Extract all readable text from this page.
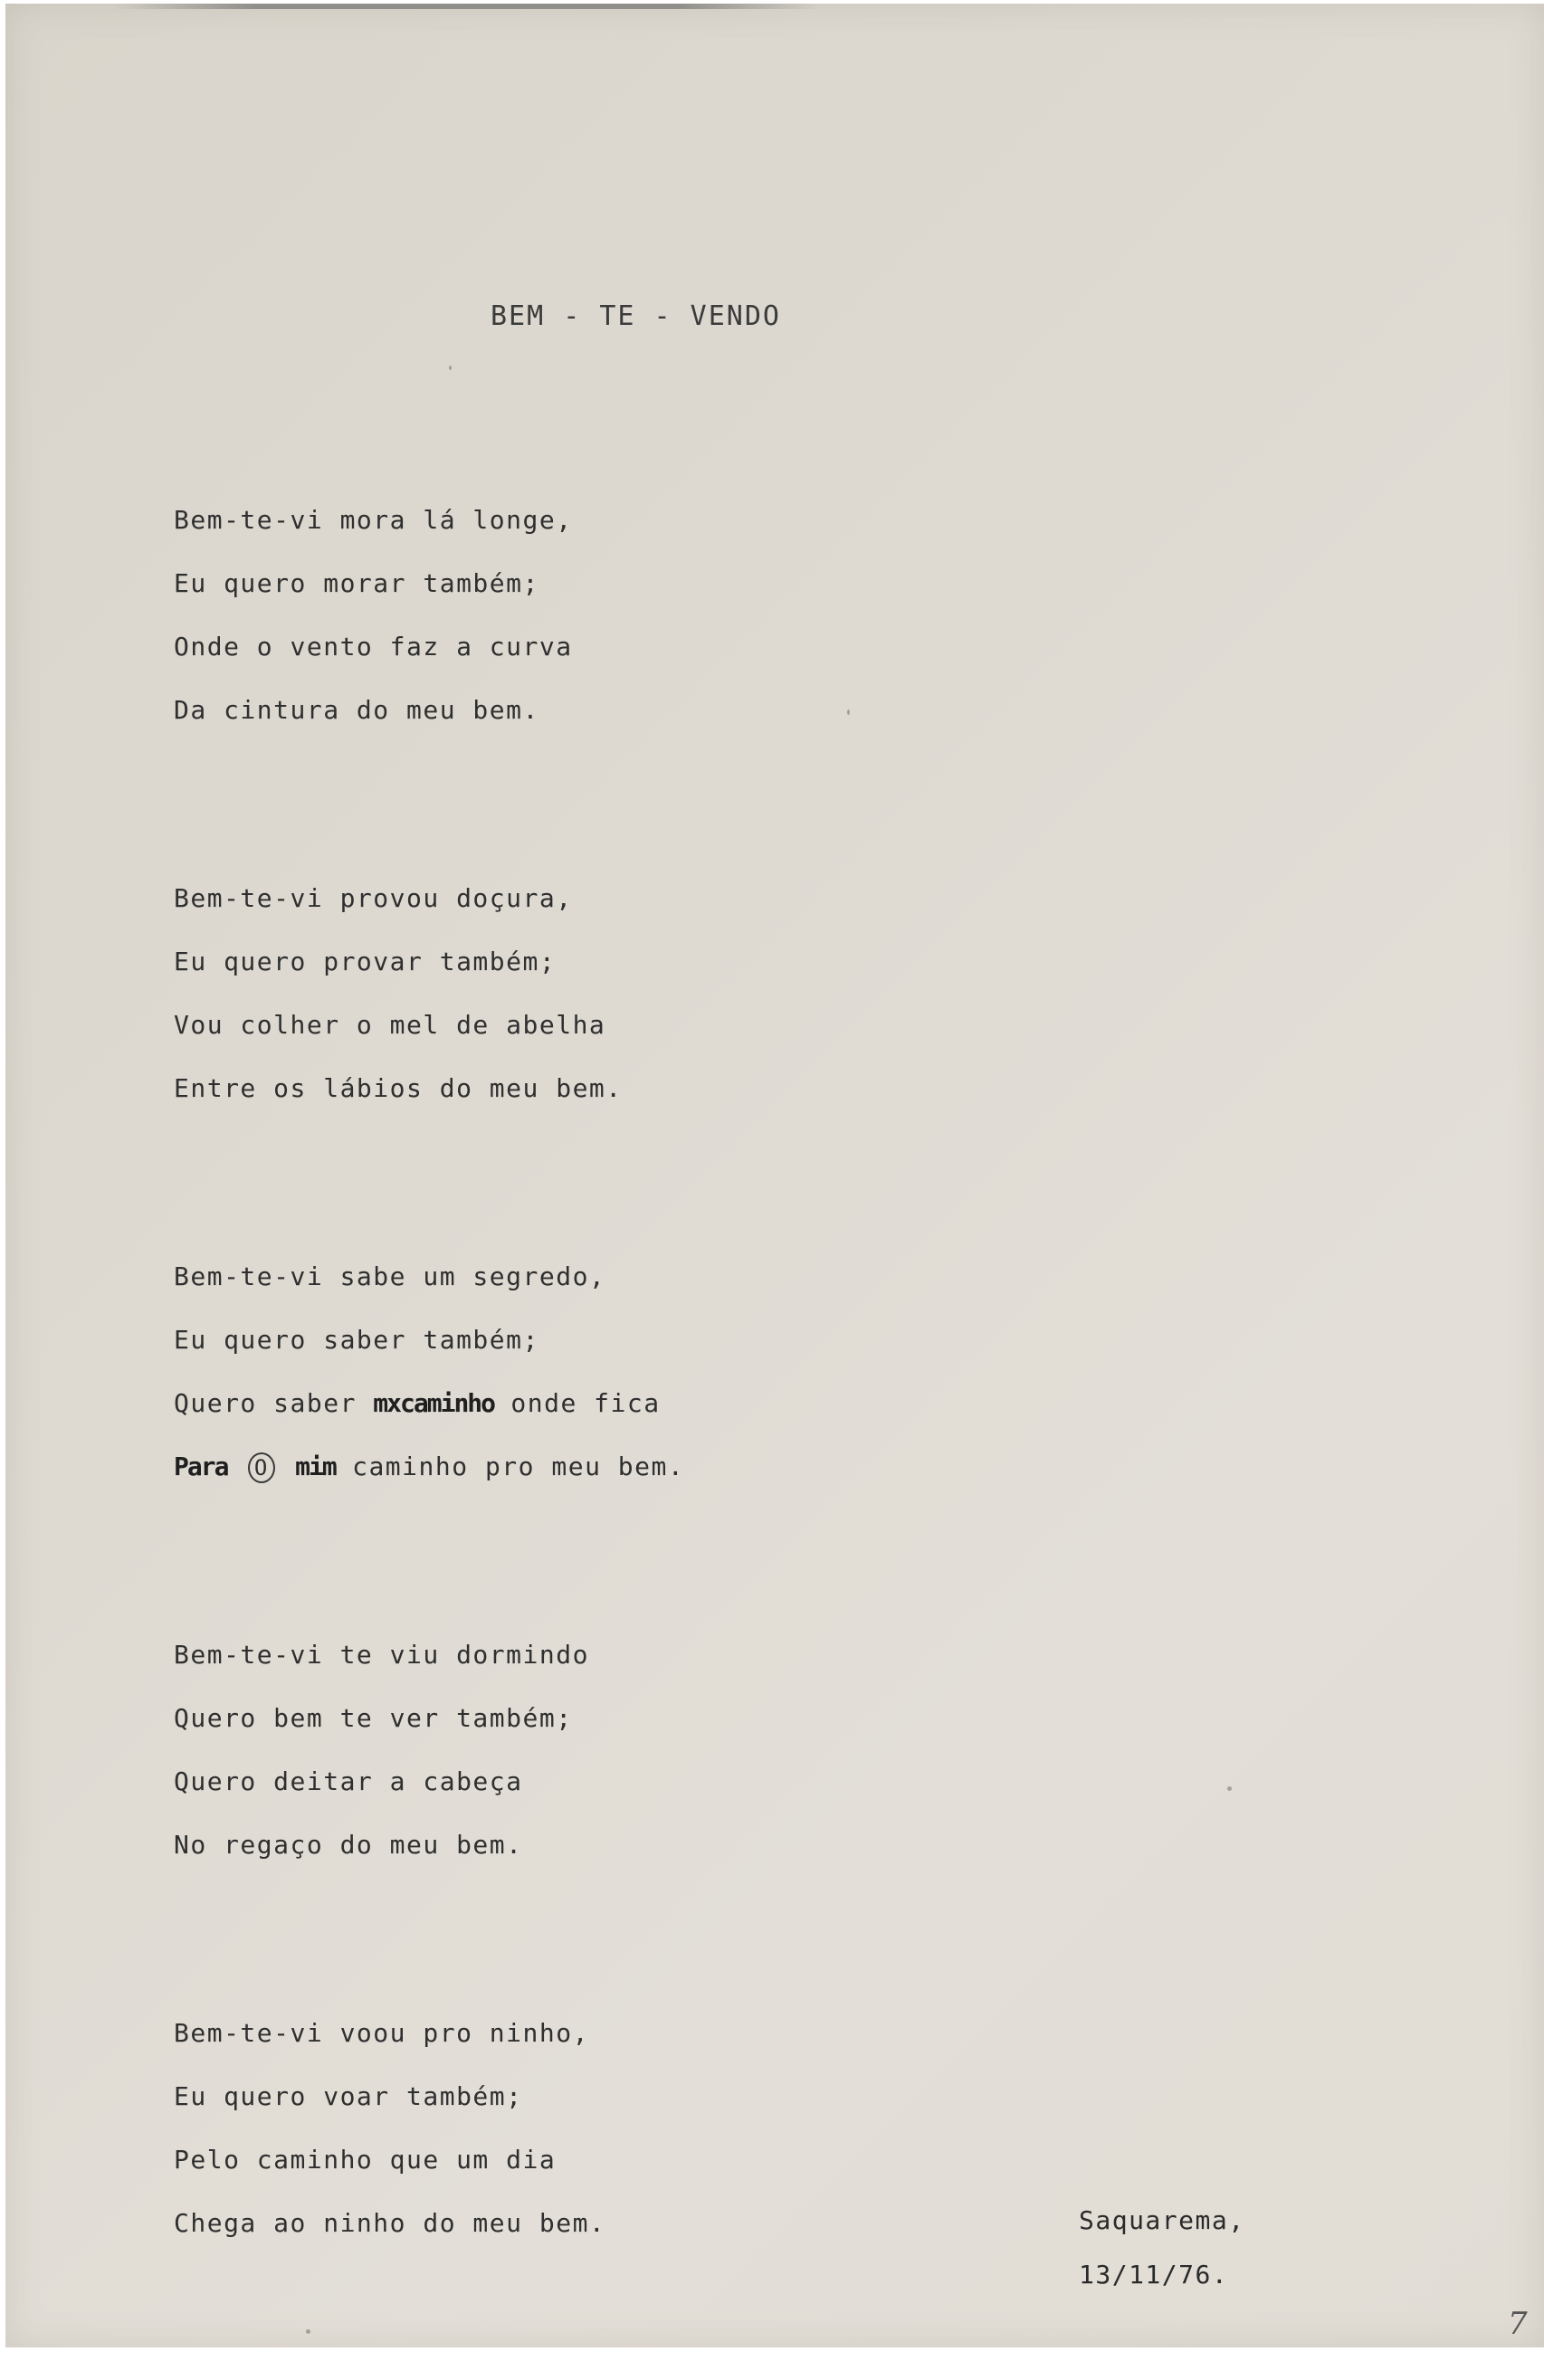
BEM - TE - VENDO
Bem-te-vi mora lá longe,
Eu quero morar também;
Onde o vento faz a curva
Da cintura do meu bem.
Bem-te-vi provou doçura,
Eu quero provar também;
Vou colher o mel de abelha
Entre os lábios do meu bem.
Bem-te-vi sabe um segredo,
Eu quero saber também;
Quero saber mxcaminho onde fica
Para O mim caminho pro meu bem.
Bem-te-vi te viu dormindo
Quero bem te ver também;
Quero deitar a cabeça
No regaço do meu bem.
Bem-te-vi voou pro ninho,
Eu quero voar também;
Pelo caminho que um dia
Chega ao ninho do meu bem.	Saquarema,
13/11/76.
7
